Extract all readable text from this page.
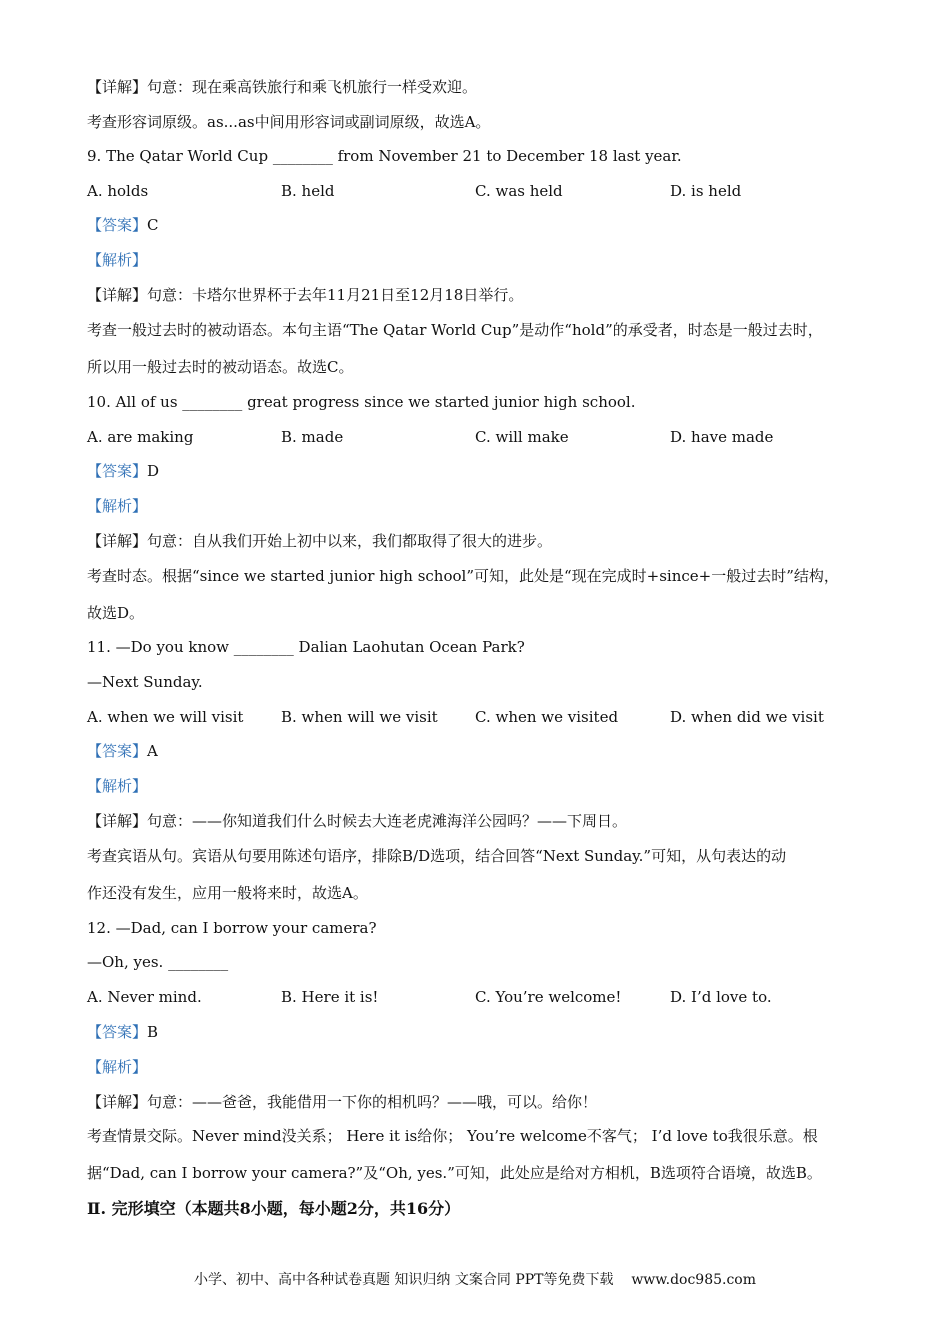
【详解】句意：现在乘高铁旅行和乘飞机旅行一样受欢迎。
考查形容词原级。as...as中间用形容词或副词原级，故选A。
9. The Qatar World Cup ________ from November 21 to December 18 last year.
A. holds	B. held	C. was held	D. is held
【答案】C
【解析】
【详解】句意：卡塔尔世界杯于去年11月21日至12月18日举行。
考查一般过去时的被动语态。本句主语“The Qatar World Cup”是动作“hold”的承受者，时态是一般过去时，
所以用一般过去时的被动语态。故选C。
10. All of us ________ great progress since we started junior high school.
A. are making	B. made	C. will make	D. have made
【答案】D
【解析】
【详解】句意：自从我们开始上初中以来，我们都取得了很大的进步。
考查时态。根据“since we started junior high school”可知，此处是“现在完成时+since+一般过去时”结构，
故选D。
11. —Do you know ________ Dalian Laohutan Ocean Park?
—Next Sunday.
A. when we will visit	B. when will we visit C. when we visited	D. when did we visit
【答案】A
【解析】
【详解】句意：——你知道我们什么时候去大连老虎滩海洋公园吗？——下周日。
考查宾语从句。宾语从句要用陈述句语序，排除B/D选项，结合回答“Next Sunday.”可知，从句表达的动
作还没有发生，应用一般将来时，故选A。
12. —Dad, can I borrow your camera?
—Oh, yes. ________
A. Never mind.	B. Here it is!	C. You’re welcome!	D. I’d love to.
【答案】B
【解析】
【详解】句意：——爸爸，我能借用一下你的相机吗？——哦，可以。给你！
考查情景交际。Never mind没关系； Here it is给你； You’re welcome不客气； I’d love to我很乐意。根
据“Dad, can I borrow your camera?”及“Oh, yes.”可知，此处应是给对方相机，B选项符合语境，故选B。
Ⅱ. 完形填空（本题共8小题，每小题2分，共16分）
小学、初中、高中各种试卷真题 知识归纳 文案合同 PPT等免费下载 www.doc985.com
